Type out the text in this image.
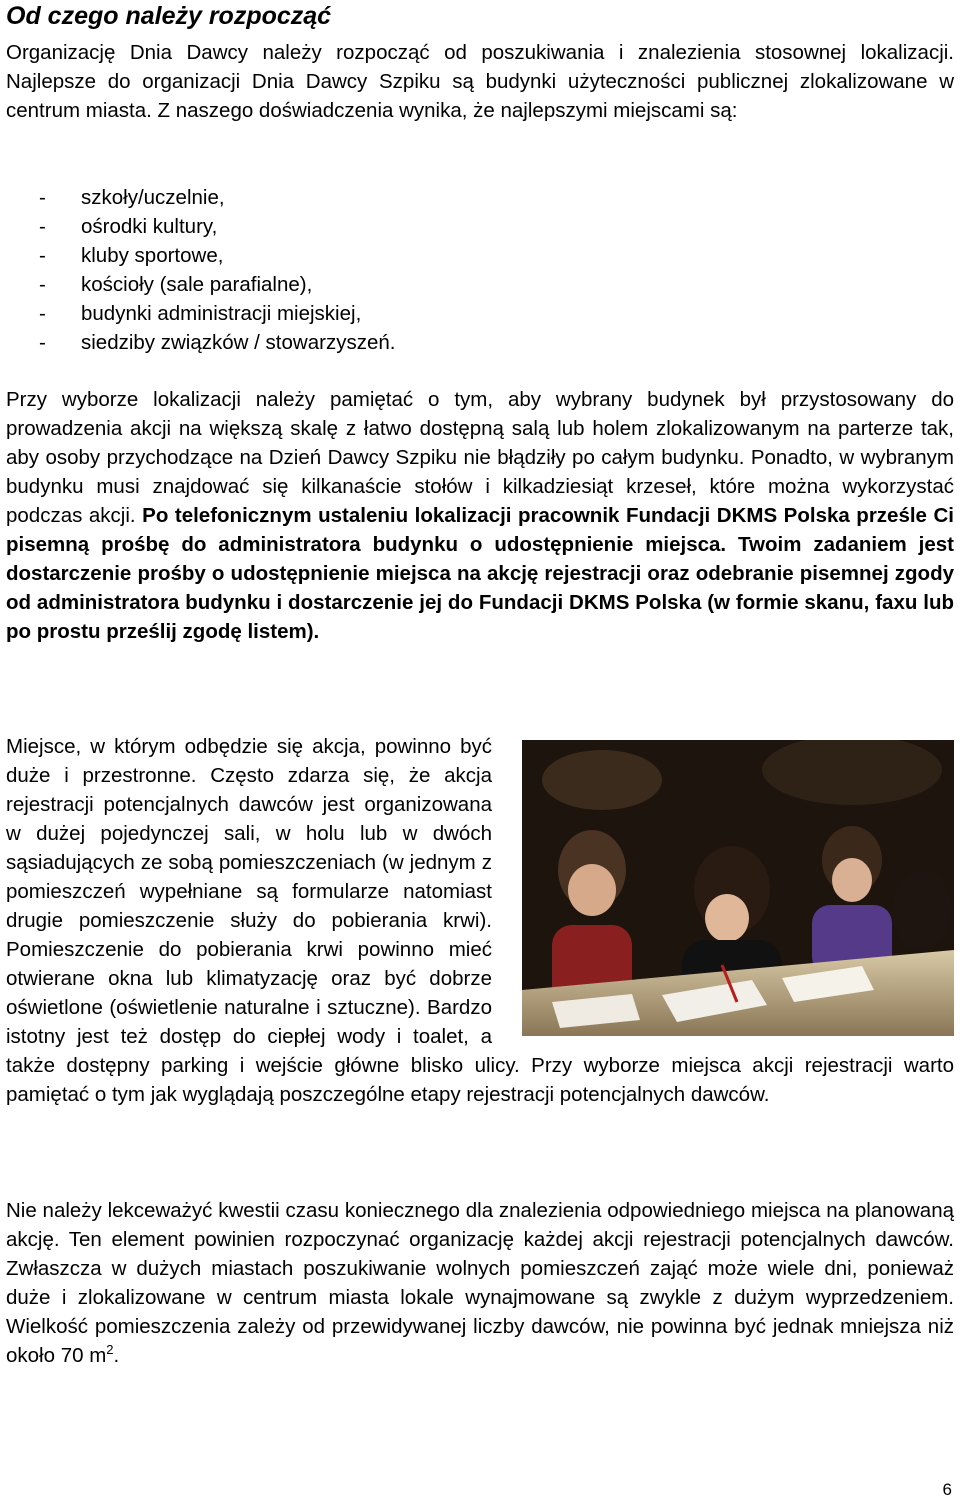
Od czego należy rozpocząć

Organizację Dnia Dawcy należy rozpocząć od poszukiwania i znalezienia stosownej lokalizacji. Najlepsze do organizacji Dnia Dawcy Szpiku są budynki użyteczności publicznej zlokalizowane w centrum miasta. Z naszego doświadczenia wynika, że najlepszymi miejscami są:

- szkoły/uczelnie,
- ośrodki kultury,
- kluby sportowe,
- kościoły (sale parafialne),
- budynki administracji miejskiej,
- siedziby związków / stowarzyszeń.

Przy wyborze lokalizacji należy pamiętać o tym, aby wybrany budynek był przystosowany do prowadzenia akcji na większą skalę z łatwo dostępną salą lub holem zlokalizowanym na parterze tak, aby osoby przychodzące na Dzień Dawcy Szpiku nie błądziły po całym budynku. Ponadto, w wybranym budynku musi znajdować się kilkanaście stołów i kilkadziesiąt krzeseł, które można wykorzystać podczas akcji. Po telefonicznym ustaleniu lokalizacji pracownik Fundacji DKMS Polska prześle Ci pisemną prośbę do administratora budynku o udostępnienie miejsca. Twoim zadaniem jest dostarczenie prośby o udostępnienie miejsca na akcję rejestracji oraz odebranie pisemnej zgody od administratora budynku i dostarczenie jej do Fundacji DKMS Polska (w formie skanu, faxu lub po prostu prześlij zgodę listem).

Miejsce, w którym odbędzie się akcja, powinno być duże i przestronne. Często zdarza się, że akcja rejestracji potencjalnych dawców jest organizowana w dużej pojedynczej sali, w holu lub w dwóch sąsiadujących ze sobą pomieszczeniach (w jednym z pomieszczeń wypełniane są formularze natomiast drugie pomieszczenie służy do pobierania krwi). Pomieszczenie do pobierania krwi powinno mieć otwierane okna lub klimatyzację oraz być dobrze oświetlone (oświetlenie naturalne i sztuczne). Bardzo istotny jest też dostęp do ciepłej wody i toalet, a także dostępny parking i wejście główne blisko ulicy. Przy wyborze miejsca akcji rejestracji warto pamiętać o tym jak wyglądają poszczególne etapy rejestracji potencjalnych dawców.

Nie należy lekceważyć kwestii czasu koniecznego dla znalezienia odpowiedniego miejsca na planowaną akcję. Ten element powinien rozpoczynać organizację każdej akcji rejestracji potencjalnych dawców. Zwłaszcza w dużych miastach poszukiwanie wolnych pomieszczeń zająć może wiele dni, ponieważ duże i zlokalizowane w centrum miasta lokale wynajmowane są zwykle z dużym wyprzedzeniem. Wielkość pomieszczenia zależy od przewidywanej liczby dawców, nie powinna być jednak mniejsza niż około 70 $m^2$.

6
